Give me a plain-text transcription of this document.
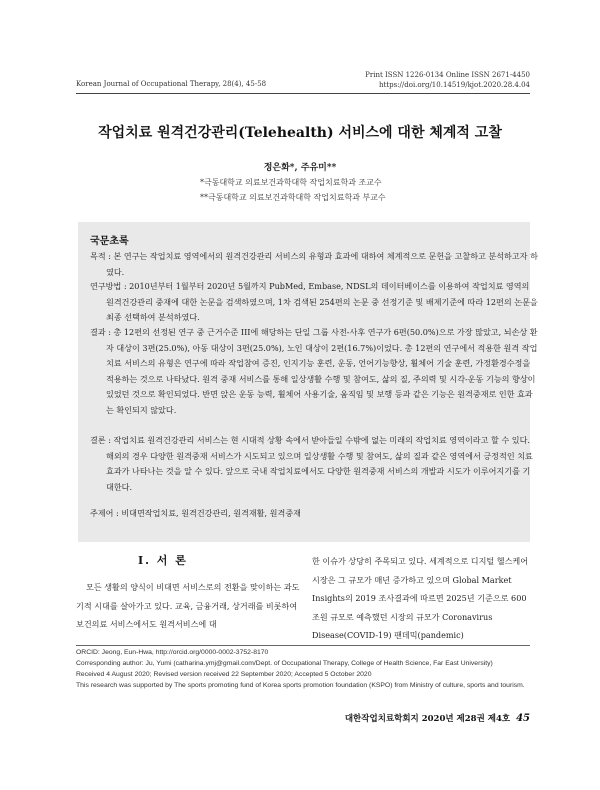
Korean Journal of Occupational Therapy, 28(4), 45-58
Print ISSN 1226-0134 Online ISSN 2671-4450
https://doi.org/10.14519/kjot.2020.28.4.04
작업치료 원격건강관리(Telehealth) 서비스에 대한 체계적 고찰
정은화*, 주유미**
*극동대학교 의료보건과학대학 작업치료학과 조교수
**극동대학교 의료보건과학대학 작업치료학과 부교수
국문초록
목적 : 본 연구는 작업치료 영역에서의 원격건강관리 서비스의 유형과 효과에 대하여 체계적으로 문헌을 고찰하고 분석하고자 하였다.
연구방법 : 2010년부터 1월부터 2020년 5월까지 PubMed, Embase, NDSL의 데이터베이스를 이용하여 작업치료 영역의 원격건강관리 중재에 대한 논문을 검색하였으며, 1차 검색된 254편의 논문 중 선정기준 및 배제기준에 따라 12편의 논문을 최종 선택하여 분석하였다.
결과 : 총 12편의 선정된 연구 중 근거수준 III에 해당하는 단일 그룹 사전-사후 연구가 6편(50.0%)으로 가장 많았고, 뇌손상 환자 대상이 3편(25.0%), 아동 대상이 3편(25.0%), 노인 대상이 2편(16.7%)이었다. 총 12편의 연구에서 적용한 원격 작업치료 서비스의 유형은 연구에 따라 작업참여 증진, 인지기능 훈련, 운동, 언어기능향상, 휠체어 기술 훈련, 가정환경수정을 적용하는 것으로 나타났다. 원격 중재 서비스를 통해 일상생활 수행 및 참여도, 삶의 질, 주의력 및 시각-운동 기능의 향상이 있었던 것으로 확인되었다. 반면 앉은 운동 능력, 휠체어 사용기술, 움직임 및 보행 등과 같은 기능은 원격중재로 인한 효과는 확인되지 않았다.
결론 : 작업치료 원격건강관리 서비스는 현 시대적 상황 속에서 받아들일 수밖에 없는 미래의 작업치료 영역이라고 할 수 있다. 해외의 경우 다양한 원격중재 서비스가 시도되고 있으며 일상생활 수행 및 참여도, 삶의 질과 같은 영역에서 긍정적인 치료 효과가 나타나는 것을 알 수 있다. 앞으로 국내 작업치료에서도 다양한 원격중재 서비스의 개발과 시도가 이루어지기를 기대한다.
주제어 : 비대면작업치료, 원격건강관리, 원격재활, 원격중재
I. 서 론
모든 생활의 양식이 비대면 서비스로의 전환을 맞이하는 과도기적 시대를 살아가고 있다. 교육, 금융거래, 상거래를 비롯하여 보건의료 서비스에서도 원격서비스에 대
한 이슈가 상당히 주목되고 있다. 세계적으로 디지털 헬스케어 시장은 그 규모가 매년 증가하고 있으며 Global Market Insights의 2019 조사결과에 따르면 2025년 기준으로 600조원 규모로 예측했던 시장의 규모가 Coronavirus Disease(COVID-19) 팬데믹(pandemic)
ORCID: Jeong, Eun-Hwa, http://orcid.org/0000-0002-3752-8170
Corresponding author: Ju, Yumi (catharina.ymj@gmail.com/Dept. of Occupational Therapy, College of Health Science, Far East University)
Received 4 August 2020; Revised version received 22 September 2020; Accepted 5 October 2020
This research was supported by The sports promoting fund of Korea sports promotion foundation (KSPO) from Ministry of culture, sports and tourism.
대한작업치료학회지 2020년 제28권 제4호 45
